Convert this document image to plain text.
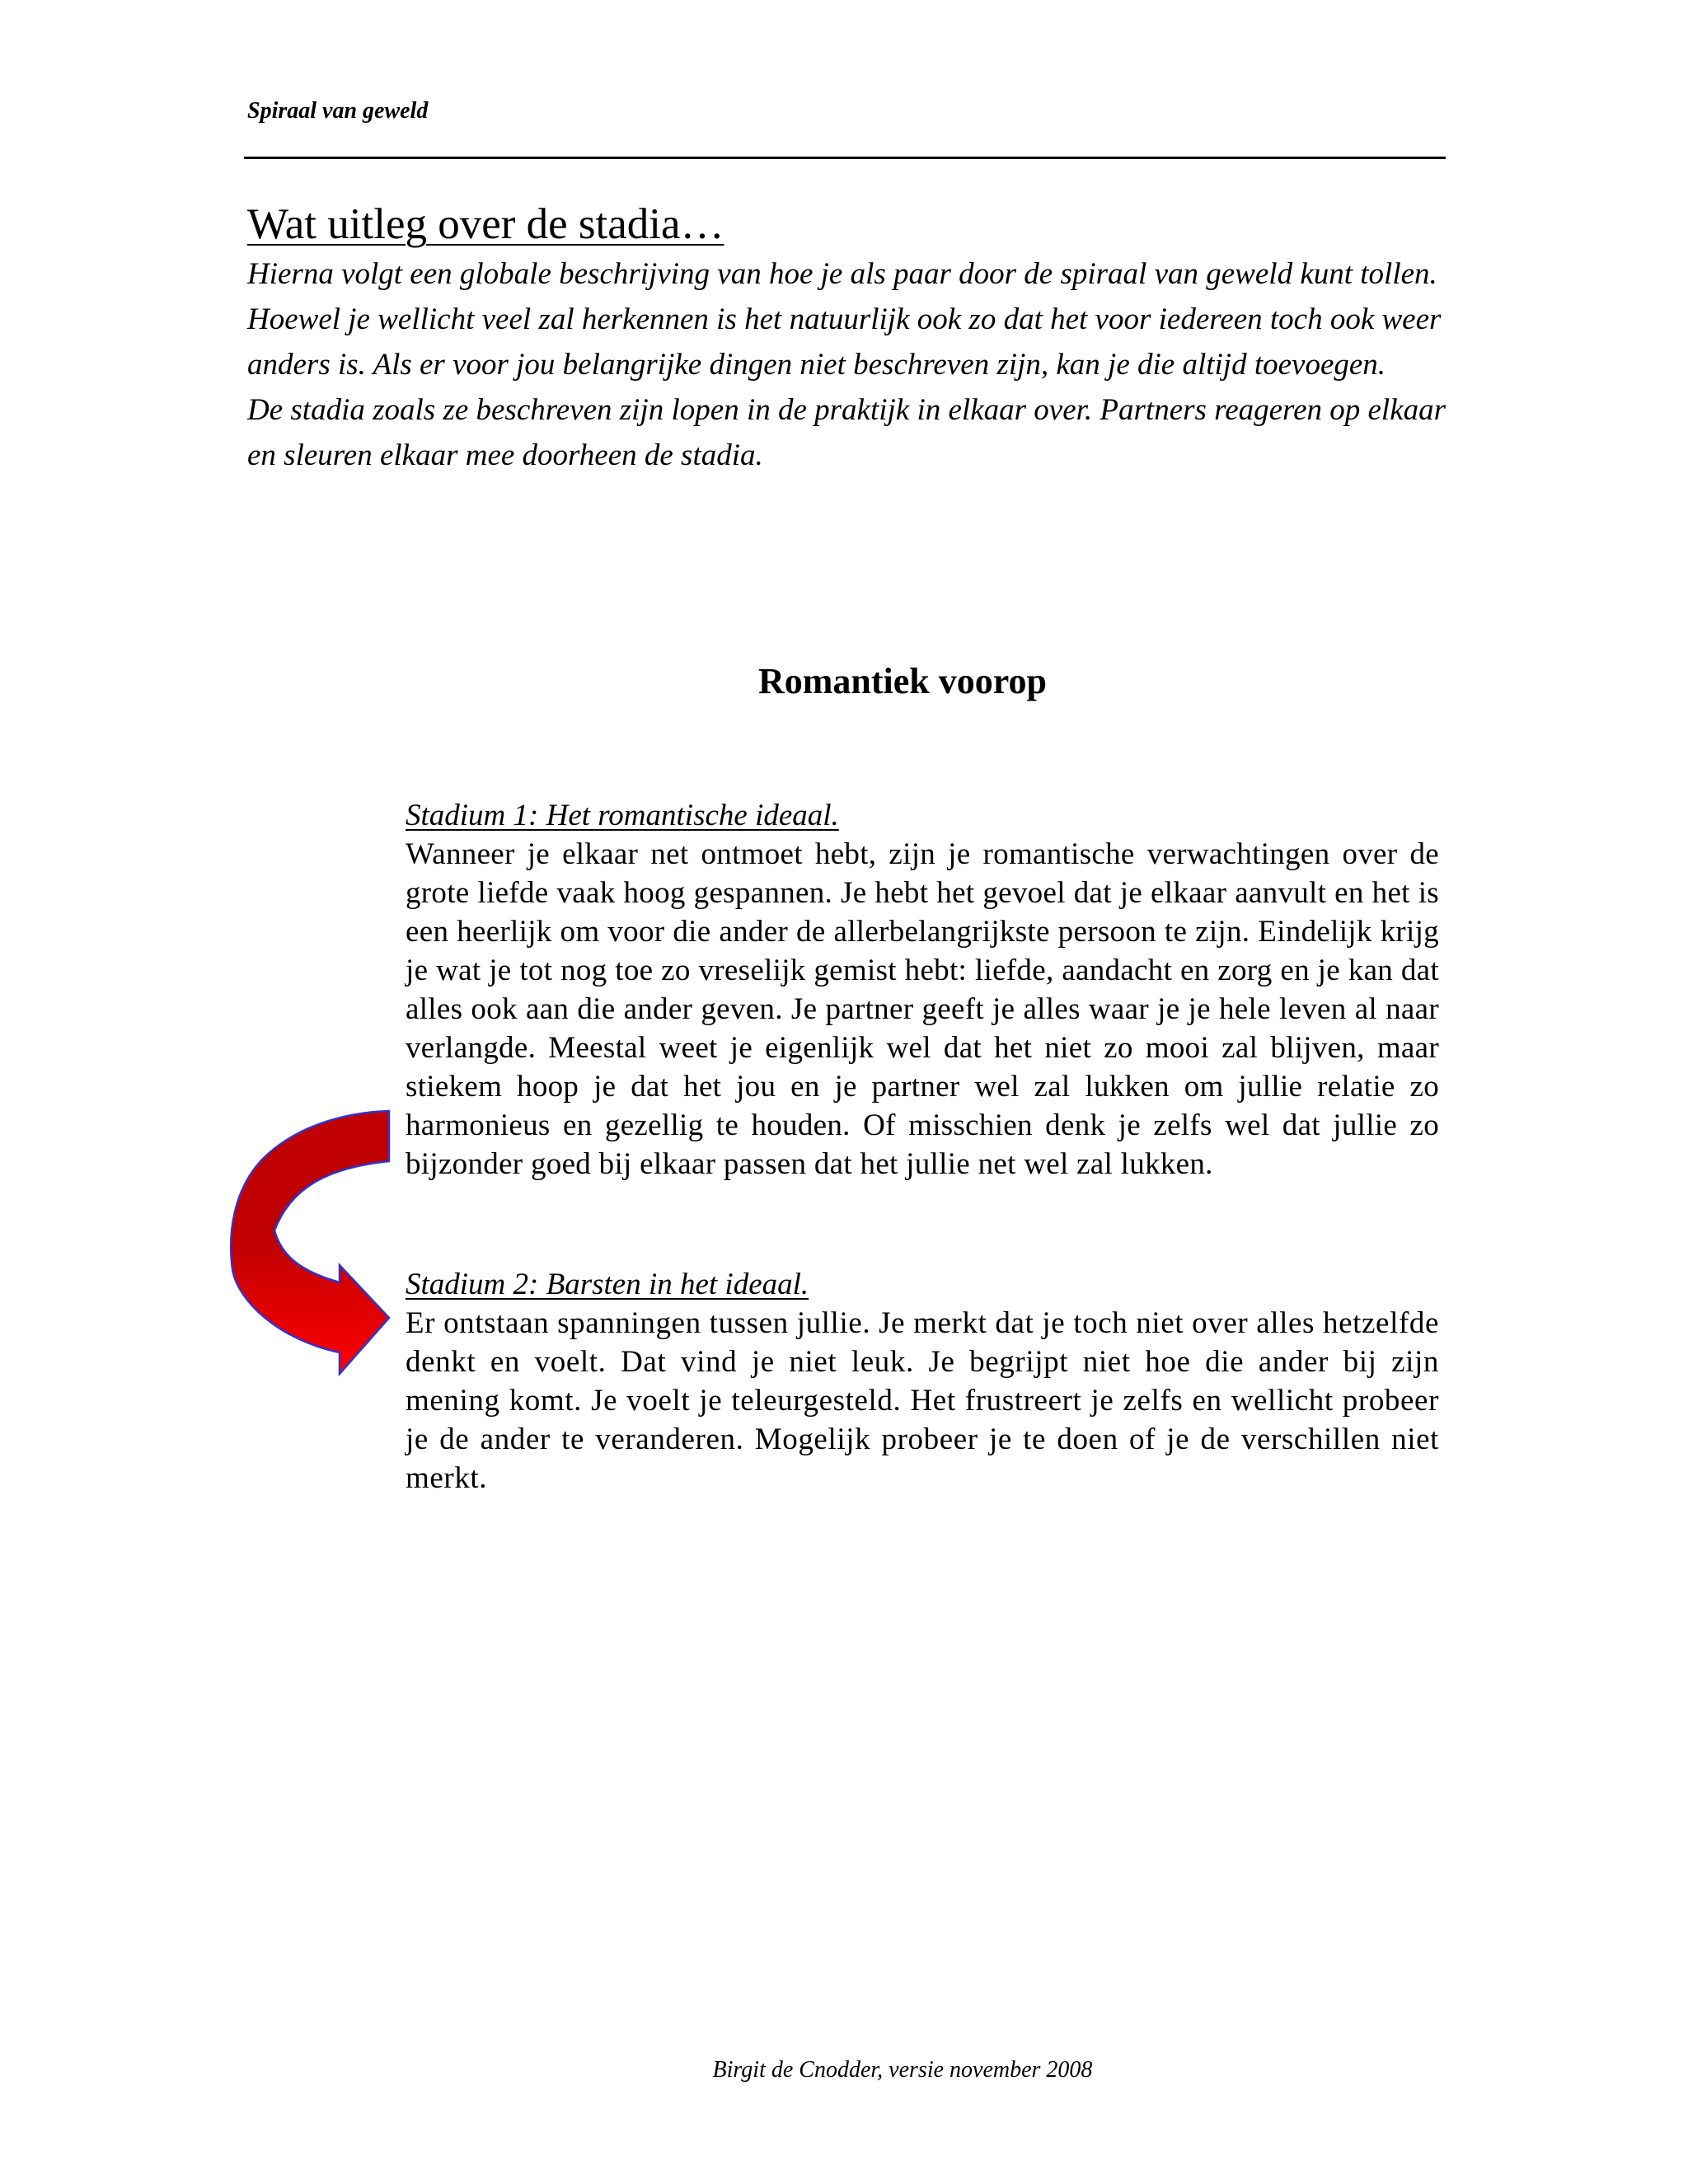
Spiraal van geweld
Wat uitleg over de stadia…

Hierna volgt een globale beschrijving van hoe je als paar door de spiraal van geweld kunt tollen.

Hoewel je wellicht veel zal herkennen is het natuurlijk ook zo dat het voor iedereen toch ook weer

anders is. Als er voor jou belangrijke dingen niet beschreven zijn, kan je die altijd toevoegen.

De stadia zoals ze beschreven zijn lopen in de praktijk in elkaar over. Partners reageren op elkaar

en sleuren elkaar mee doorheen de stadia.

Romantiek voorop
Stadium 1: Het romantische ideaal.

Wanneer je elkaar net ontmoet hebt, zijn je romantische verwachtingen over de grote liefde vaak hoog gespannen. Je hebt het gevoel dat je elkaar aanvult en het is een heerlijk om voor die ander de allerbelangrijkste persoon te zijn. Eindelijk krijg je wat je tot nog toe zo vreselijk gemist hebt: liefde, aandacht en zorg en je kan dat alles ook aan die ander geven. Je partner geeft je alles waar je je hele leven al naar verlangde. Meestal weet je eigenlijk wel dat het niet zo mooi zal blijven, maar stiekem hoop je dat het jou en je partner wel zal lukken om jullie relatie zo harmonieus en gezellig te houden. Of misschien denk je zelfs wel dat jullie zo bijzonder goed bij elkaar passen dat het jullie net wel zal lukken.

Stadium 2: Barsten in het ideaal.

Er ontstaan spanningen tussen jullie. Je merkt dat je toch niet over alles hetzelfde denkt en voelt. Dat vind je niet leuk. Je begrijpt niet hoe die ander bij zijn mening komt. Je voelt je teleurgesteld. Het frustreert je zelfs en wellicht probeer je de ander te veranderen. Mogelijk probeer je te doen of je de verschillen niet merkt.

Birgit de Cnodder, versie november 2008
